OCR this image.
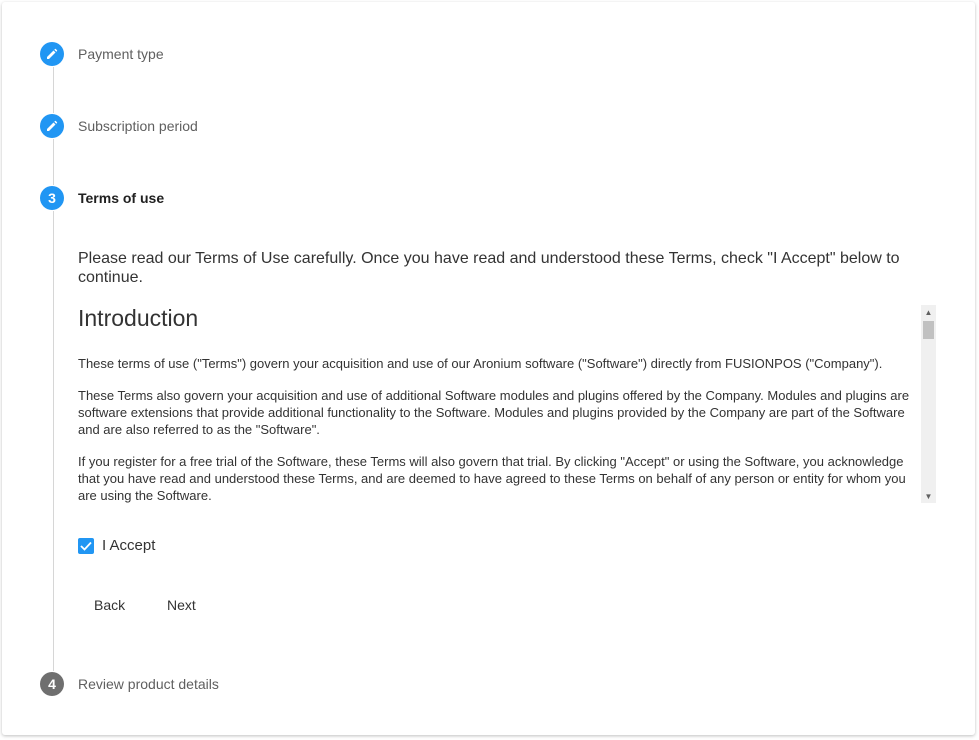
Payment type
Subscription period
3	Terms of use
Please read our Terms of Use carefully. Once you have read and understood these Terms, check "I Accept" below to continue.
Introduction

These terms of use ("Terms") govern your acquisition and use of our Aronium software ("Software") directly from FUSIONPOS ("Company").

These Terms also govern your acquisition and use of additional Software modules and plugins offered by the Company. Modules and plugins are software extensions that provide additional functionality to the Software. Modules and plugins provided by the Company are part of the Software and are also referred to as the "Software".

If you register for a free trial of the Software, these Terms will also govern that trial. By clicking "Accept" or using the Software, you acknowledge that you have read and understood these Terms, and are deemed to have agreed to these Terms on behalf of any person or entity for whom you are using the Software.

▲
▼
I Accept
Back	Next
4	Review product details
